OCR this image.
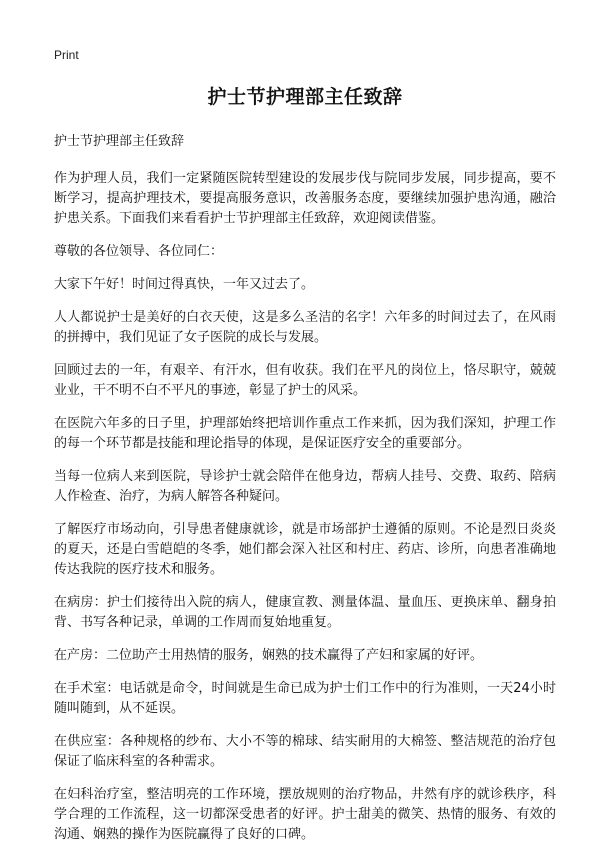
Print
护士节护理部主任致辞
护士节护理部主任致辞

作为护理人员，我们一定紧随医院转型建设的发展步伐与院同步发展，同步提高，要不断学习，提高护理技术，要提高服务意识，改善服务态度，要继续加强护患沟通，融洽护患关系。下面我们来看看护士节护理部主任致辞，欢迎阅读借鉴。

尊敬的各位领导、各位同仁：

大家下午好！时间过得真快，一年又过去了。

人人都说护士是美好的白衣天使，这是多么圣洁的名字！六年多的时间过去了，在风雨的拼搏中，我们见证了女子医院的成长与发展。

回顾过去的一年，有艰辛、有汗水，但有收获。我们在平凡的岗位上，恪尽职守，兢兢业业，干不明不白不平凡的事迹，彰显了护士的风采。

在医院六年多的日子里，护理部始终把培训作重点工作来抓，因为我们深知，护理工作的每一个环节都是技能和理论指导的体现，是保证医疗安全的重要部分。

当每一位病人来到医院，导诊护士就会陪伴在他身边，帮病人挂号、交费、取药、陪病人作检查、治疗，为病人解答各种疑问。

了解医疗市场动向，引导患者健康就诊，就是市场部护士遵循的原则。不论是烈日炎炎的夏天，还是白雪皑皑的冬季，她们都会深入社区和村庄、药店、诊所，向患者准确地传达我院的医疗技术和服务。

在病房：护士们接待出入院的病人，健康宣教、测量体温、量血压、更换床单、翻身拍背、书写各种记录，单调的工作周而复始地重复。

在产房：二位助产士用热情的服务，娴熟的技术赢得了产妇和家属的好评。

在手术室：电话就是命令，时间就是生命已成为护士们工作中的行为准则，一天24小时随叫随到，从不延误。

在供应室：各种规格的纱布、大小不等的棉球、结实耐用的大棉签、整洁规范的治疗包保证了临床科室的各种需求。

在妇科治疗室，整洁明亮的工作环境，摆放规则的治疗物品，井然有序的就诊秩序，科学合理的工作流程，这一切都深受患者的好评。护士甜美的微笑、热情的服务、有效的沟通、娴熟的操作为医院赢得了良好的口碑。
